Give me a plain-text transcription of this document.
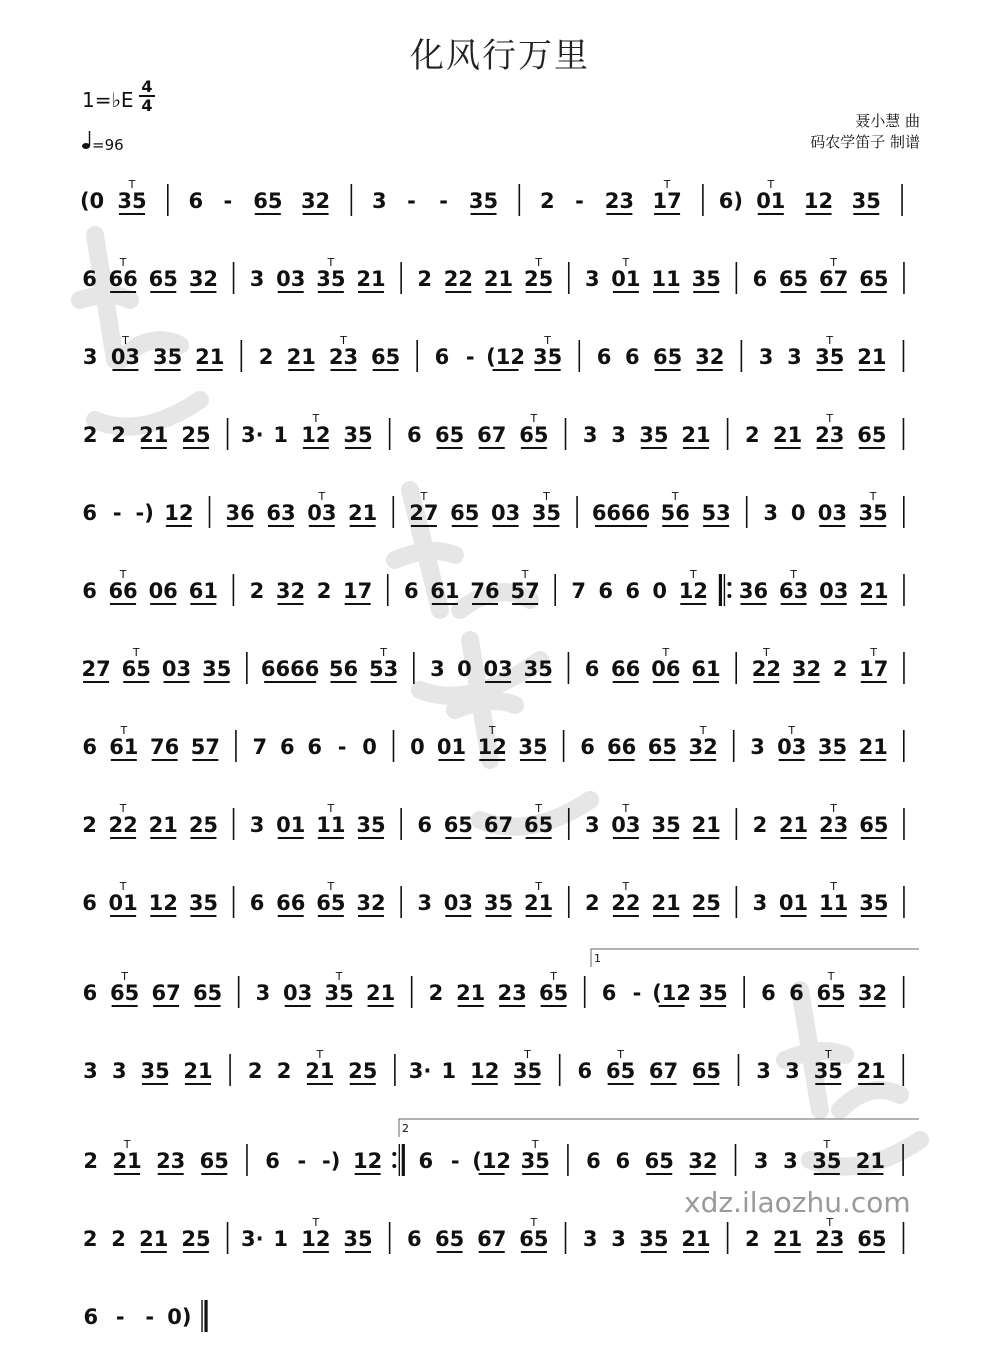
化风行万里
1=♭E
4
4
=96
聂小慧 曲
码农学笛子 制谱
xdz.ilaozhu.com
(0 35
T
6 - 65 32 3 - - 35 2 - 23 17
T
6) 01
T
12 35
6 66
T
65 32 3 03 35
T
21 2 22 21 25
T
3 01
T
11 35 6 65 67
T
65
3 03
T
35 21 2 21 23
T
65 6 - (12 35
T
6 6 65 32 3 3 35
T
21
2 2 21 25 3· 1 12
T
35 6 65 67 65
T
3 3 35 21 2 21 23
T
65
6 - -) 12 36 63 03
T
21 27
T
65 03 35
T
6666 56
T
53 3 0 03 35
T
6 66
T
06 61 2 32 2 17 6 61 76 57
T
7 6 6 0 12
T
36 63
T
03 21
27 65
T
03 35 6666 56 53
T
3 0 03 35 6 66 06
T
61 22
T
32 2 17
T
6 61
T
76 57 7 6 6 - 0 0 01 12
T
35 6 66 65 32
T
3 03
T
35 21
2 22
T
21 25 3 01 11
T
35 6 65 67 65
T
3 03
T
35 21 2 21 23
T
65
6 01
T
12 35 6 66 65
T
32 3 03 35 21
T
2 22
T
21 25 3 01 11
T
35
6 65
T
67 65 3 03 35
T
21 2 21 23 65
T
6 - (12 35 6 6 65
T
32
3 3 35 21 2 2 21
T
25 3· 1 12 35
T
6 65
T
67 65 3 3 35
T
21
2 21
T
23 65 6 - -) 12 6 - (12 35
T
6 6 65 32 3 3 35
T
21
2 2 21 25 3· 1 12
T
35 6 65 67 65
T
3 3 35 21 2 21 23
T
65
6 - - 0)
1
2
